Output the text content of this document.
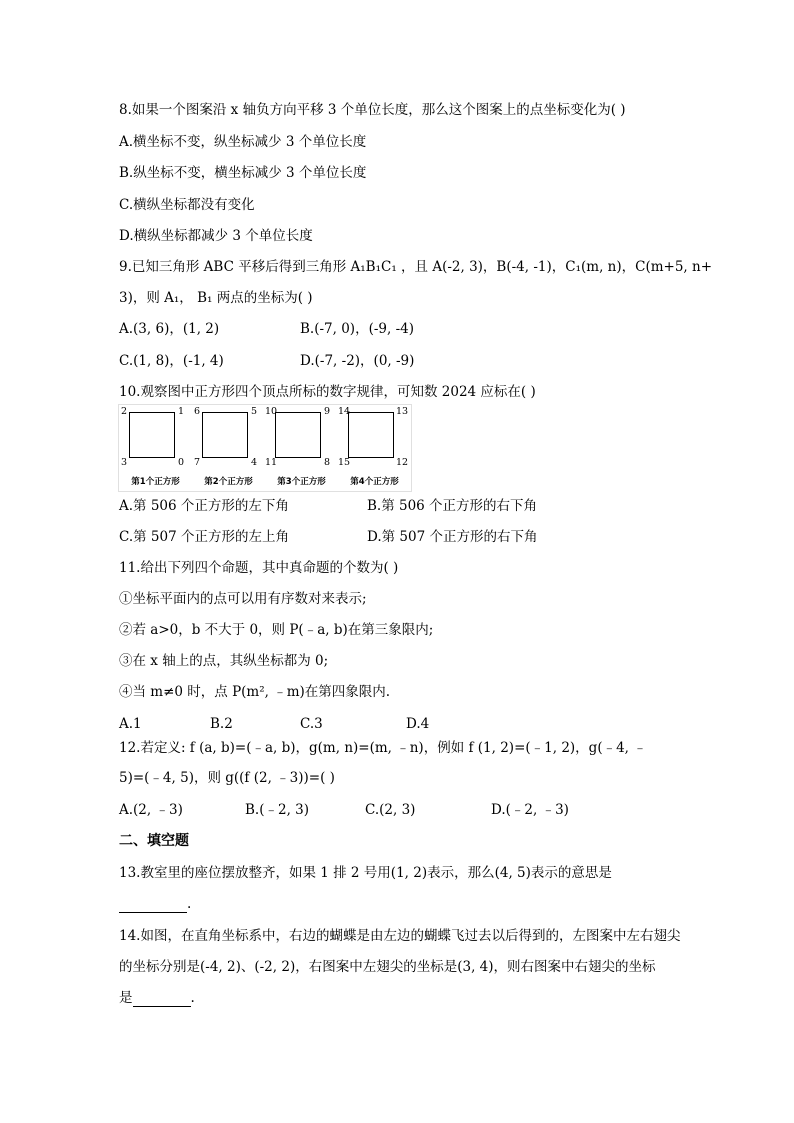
8.如果一个图案沿 x 轴负方向平移 3 个单位长度，那么这个图案上的点坐标变化为( )
A.横坐标不变，纵坐标减少 3 个单位长度
B.纵坐标不变，横坐标减少 3 个单位长度
C.横纵坐标都没有变化
D.横纵坐标都减少 3 个单位长度
9.已知三角形 ABC 平移后得到三角形 A₁B₁C₁ ，且 A(-2, 3)，B(-4, -1)，C₁(m, n)，C(m+5, n+
3)，则 A₁， B₁ 两点的坐标为( )
A.(3, 6)，(1, 2)	B.(-7, 0)，(-9, -4)
C.(1, 8)，(-1, 4)	D.(-7, -2)，(0, -9)
10.观察图中正方形四个顶点所标的数字规律，可知数 2024 应标在( )
2	1
3	0
第1个正方形
6	5
7	4
第2个正方形
10	9
11	8
第3个正方形
14	13
15	12
第4个正方形
A.第 506 个正方形的左下角	B.第 506 个正方形的右下角
C.第 507 个正方形的左上角	D.第 507 个正方形的右下角
11.给出下列四个命题，其中真命题的个数为( )
①坐标平面内的点可以用有序数对来表示;
②若 a>0，b 不大于 0，则 P(﹣a, b)在第三象限内;
③在 x 轴上的点，其纵坐标都为 0;
④当 m≠0 时，点 P(m², ﹣m)在第四象限内.
A.1	B.2	C.3	D.4
12.若定义: f (a, b)=(﹣a, b)，g(m, n)=(m, ﹣n)，例如 f (1, 2)=(﹣1, 2)，g(﹣4, ﹣
5)=(﹣4, 5)，则 g((f (2, ﹣3))=( )
A.(2, ﹣3)	B.(﹣2, 3)	C.(2, 3)	D.(﹣2, ﹣3)
二、填空题
13.教室里的座位摆放整齐，如果 1 排 2 号用(1, 2)表示，那么(4, 5)表示的意思是
.
14.如图，在直角坐标系中，右边的蝴蝶是由左边的蝴蝶飞过去以后得到的，左图案中左右翅尖
的坐标分别是(-4, 2)、(-2, 2)，右图案中左翅尖的坐标是(3, 4)，则右图案中右翅尖的坐标
是	.
